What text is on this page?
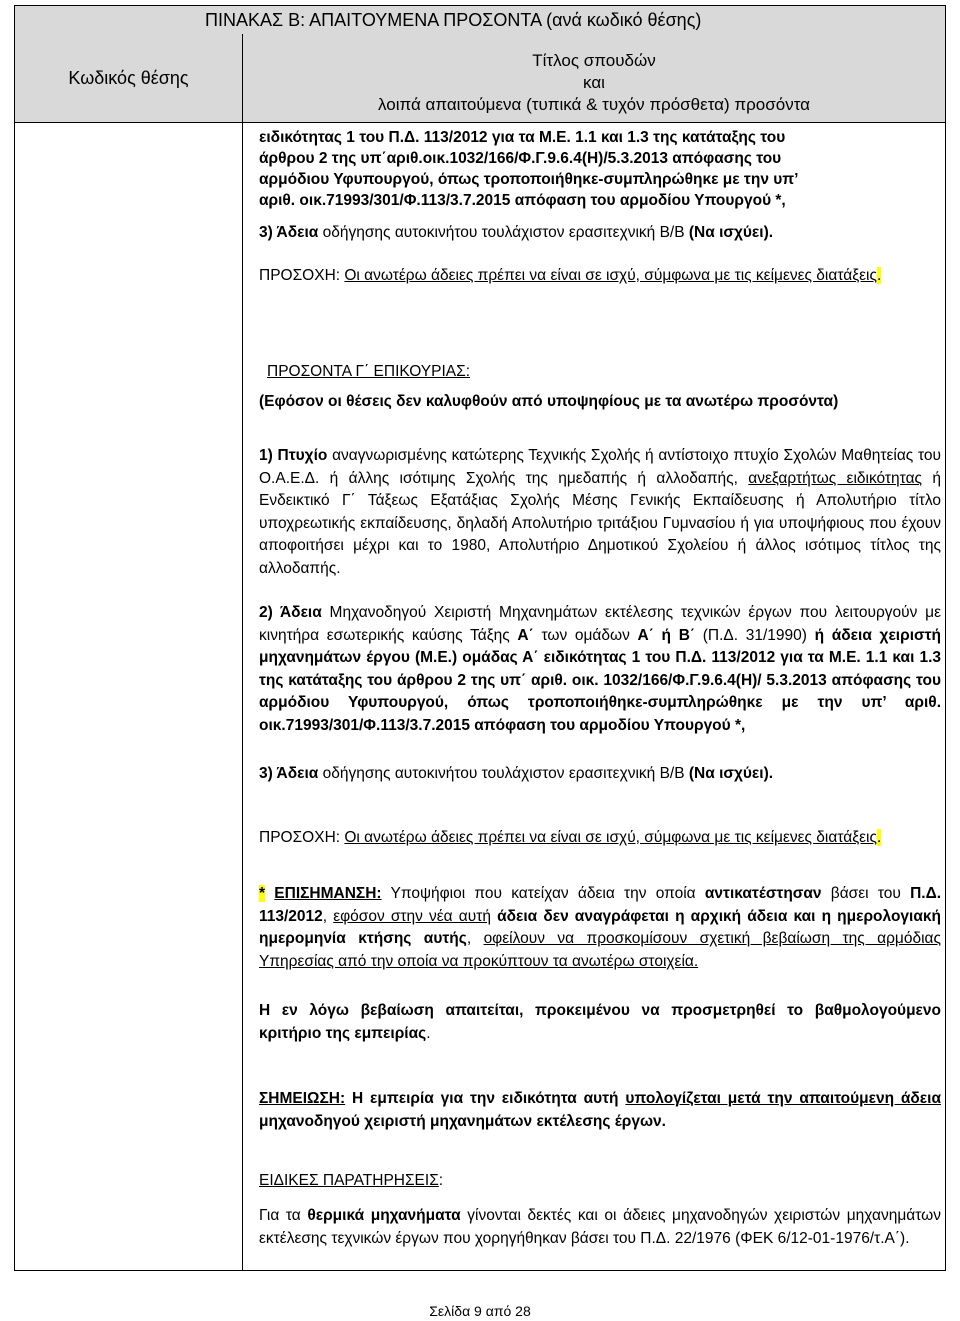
ΠΙΝΑΚΑΣ Β: ΑΠΑΙΤΟΥΜΕΝΑ ΠΡΟΣΟΝΤΑ (ανά κωδικό θέσης)
Κωδικός θέσης
Τίτλος σπουδών
και
λοιπά απαιτούμενα (τυπικά & τυχόν πρόσθετα) προσόντα

ειδικότητας 1 του Π.Δ. 113/2012 για τα Μ.Ε. 1.1 και 1.3 της κατάταξης του

άρθρου 2 της υπ΄αριθ.οικ.1032/166/Φ.Γ.9.6.4(Η)/5.3.2013 απόφασης του

αρμόδιου Υφυπουργού, όπως τροποποιήθηκε-συμπληρώθηκε με την υπ’

αριθ. οικ.71993/301/Φ.113/3.7.2015 απόφαση του αρμοδίου Υπουργού *,

3) Άδεια οδήγησης αυτοκινήτου τουλάχιστον ερασιτεχνική Β/Β (Να ισχύει).

ΠΡΟΣΟΧΗ: Οι ανωτέρω άδειες πρέπει να είναι σε ισχύ, σύμφωνα με τις κείμενες διατάξεις.

ΠΡΟΣΟΝΤΑ Γ΄ ΕΠΙΚΟΥΡΙΑΣ:

(Εφόσον οι θέσεις δεν καλυφθούν από υποψηφίους με τα ανωτέρω προσόντα)

1) Πτυχίο αναγνωρισμένης κατώτερης Τεχνικής Σχολής ή αντίστοιχο πτυχίο Σχολών Μαθητείας του Ο.Α.Ε.Δ. ή άλλης ισότιμης Σχολής της ημεδαπής ή αλλοδαπής, ανεξαρτήτως ειδικότητας ή Ενδεικτικό Γ΄ Τάξεως Εξατάξιας Σχολής Μέσης Γενικής Εκπαίδευσης ή Απολυτήριο τίτλο υποχρεωτικής εκπαίδευσης, δηλαδή Απολυτήριο τριτάξιου Γυμνασίου ή για υποψήφιους που έχουν αποφοιτήσει μέχρι και το 1980, Απολυτήριο Δημοτικού Σχολείου ή άλλος ισότιμος τίτλος της αλλοδαπής.

2) Άδεια Μηχανοδηγού Χειριστή Μηχανημάτων εκτέλεσης τεχνικών έργων που λειτουργούν με κινητήρα εσωτερικής καύσης Τάξης Α΄ των ομάδων Α΄ ή Β΄ (Π.Δ. 31/1990) ή άδεια χειριστή μηχανημάτων έργου (Μ.Ε.) ομάδας Α΄ ειδικότητας 1 του Π.Δ. 113/2012 για τα Μ.Ε. 1.1 και 1.3 της κατάταξης του άρθρου 2 της υπ΄ αριθ. οικ. 1032/166/Φ.Γ.9.6.4(Η)/ 5.3.2013 απόφασης του αρμόδιου Υφυπουργού, όπως τροποποιήθηκε-συμπληρώθηκε με την υπ’ αριθ. οικ.71993/301/Φ.113/3.7.2015 απόφαση του αρμοδίου Υπουργού *,

3) Άδεια οδήγησης αυτοκινήτου τουλάχιστον ερασιτεχνική Β/Β (Να ισχύει).

ΠΡΟΣΟΧΗ: Οι ανωτέρω άδειες πρέπει να είναι σε ισχύ, σύμφωνα με τις κείμενες διατάξεις.

* ΕΠΙΣΗΜΑΝΣΗ: Υποψήφιοι που κατείχαν άδεια την οποία αντικατέστησαν βάσει του Π.Δ. 113/2012, εφόσον στην νέα αυτή άδεια δεν αναγράφεται η αρχική άδεια και η ημερολογιακή ημερομηνία κτήσης αυτής, οφείλουν να προσκομίσουν σχετική βεβαίωση της αρμόδιας Υπηρεσίας από την οποία να προκύπτουν τα ανωτέρω στοιχεία.

Η εν λόγω βεβαίωση απαιτείται, προκειμένου να προσμετρηθεί το βαθμολογούμενο κριτήριο της εμπειρίας.

ΣΗΜΕΙΩΣΗ: Η εμπειρία για την ειδικότητα αυτή υπολογίζεται μετά την απαιτούμενη άδεια μηχανοδηγού χειριστή μηχανημάτων εκτέλεσης έργων.

ΕΙΔΙΚΕΣ ΠΑΡΑΤΗΡΗΣΕΙΣ:

Για τα θερμικά μηχανήματα γίνονται δεκτές και οι άδειες μηχανοδηγών χειριστών μηχανημάτων εκτέλεσης τεχνικών έργων που χορηγήθηκαν βάσει του Π.Δ. 22/1976 (ΦΕΚ 6/12-01-1976/τ.Α΄).

Σελίδα 9 από 28
